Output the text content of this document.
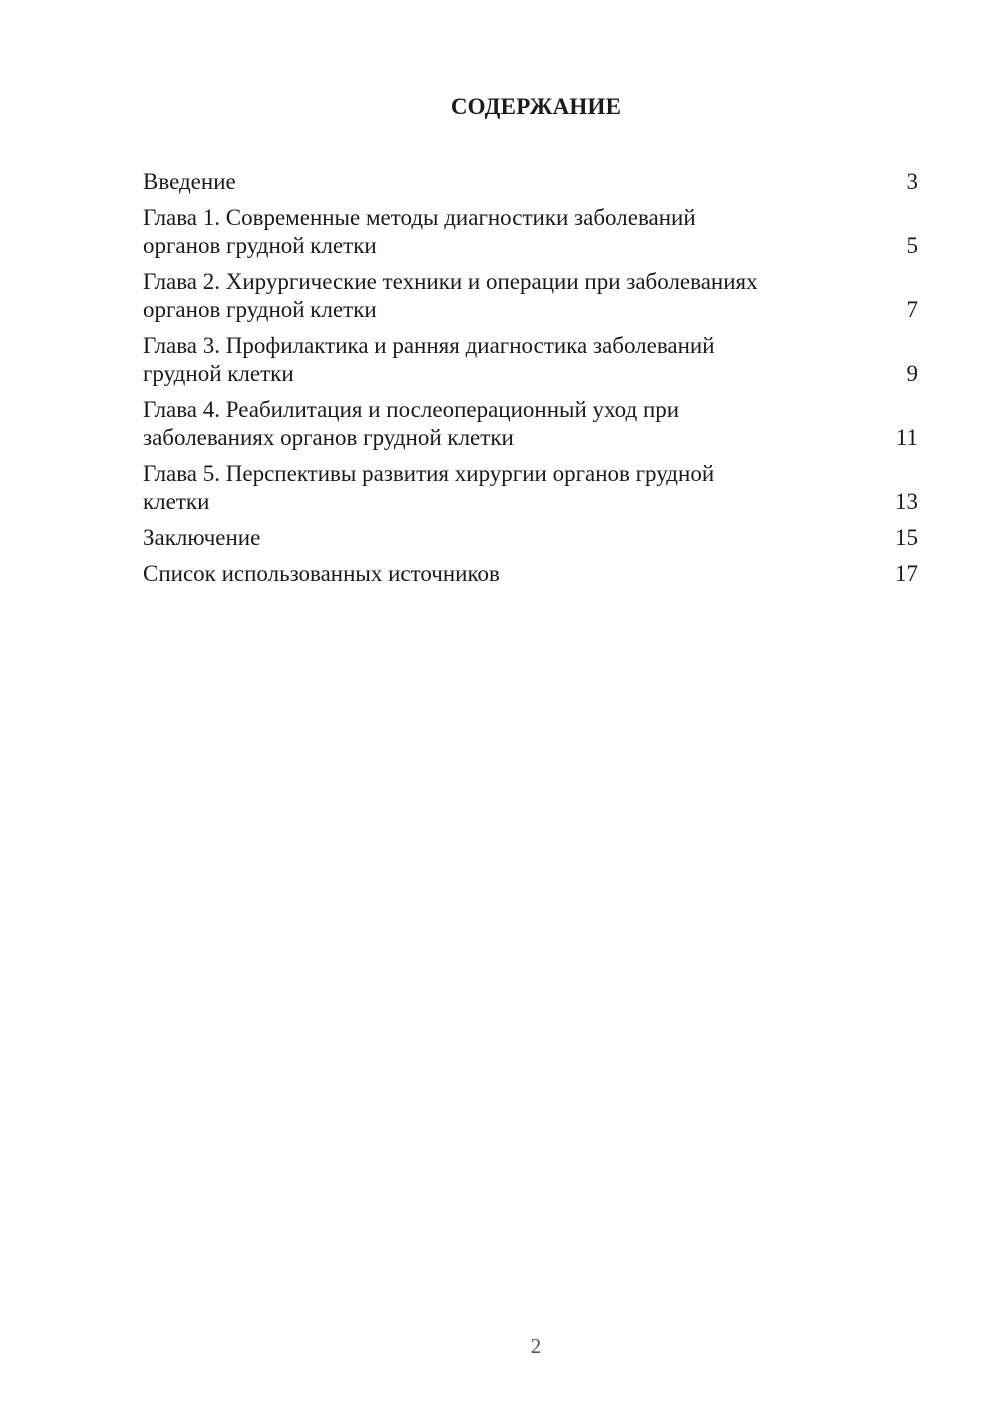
СОДЕРЖАНИЕ
Введение	3
Глава 1. Современные методы диагностики заболеваний
органов грудной клетки	5
Глава 2. Хирургические техники и операции при заболеваниях
органов грудной клетки	7
Глава 3. Профилактика и ранняя диагностика заболеваний
грудной клетки	9
Глава 4. Реабилитация и послеоперационный уход при
заболеваниях органов грудной клетки	11
Глава 5. Перспективы развития хирургии органов грудной
клетки	13
Заключение	15
Список использованных источников	17
2
